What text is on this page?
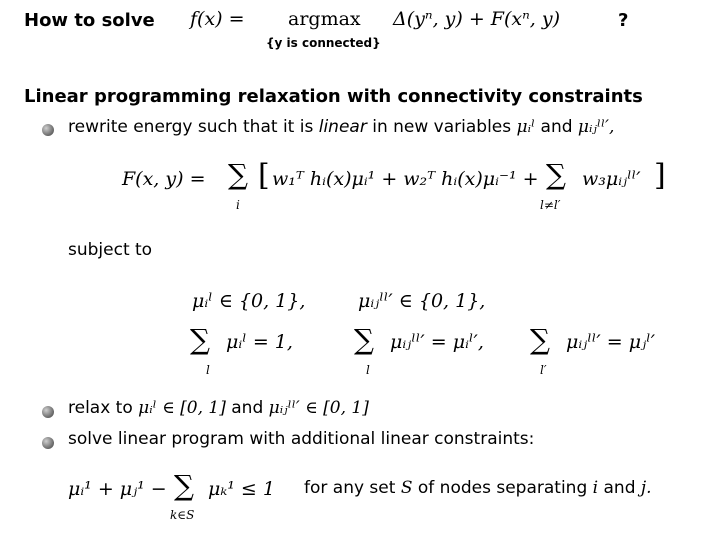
How to solve f(x) = argmax
{y is connected}
Δ(yⁿ, y) + F(xⁿ, y)	?
Linear programming relaxation with connectivity constraints
rewrite energy such that it is linear in new variables μᵢˡ and μᵢⱼˡˡ′,
F(x, y) = ∑
i
[ w₁ᵀ hᵢ(x)μᵢ¹ + w₂ᵀ hᵢ(x)μᵢ⁻¹ + ∑
l≠l′
w₃μᵢⱼˡˡ′ ]
subject to
μᵢˡ ∈ {0, 1},	μᵢⱼˡˡ′ ∈ {0, 1},
∑
l
μᵢˡ = 1, ∑
l
μᵢⱼˡˡ′ = μᵢˡ′, ∑
l′
μᵢⱼˡˡ′ = μⱼˡ′
relax to μᵢˡ ∈ [0, 1] and μᵢⱼˡˡ′ ∈ [0, 1]
solve linear program with additional linear constraints:
μᵢ¹ + μⱼ¹ − ∑
k∈S
μₖ¹ ≤ 1 for any set S of nodes separating i and j.
